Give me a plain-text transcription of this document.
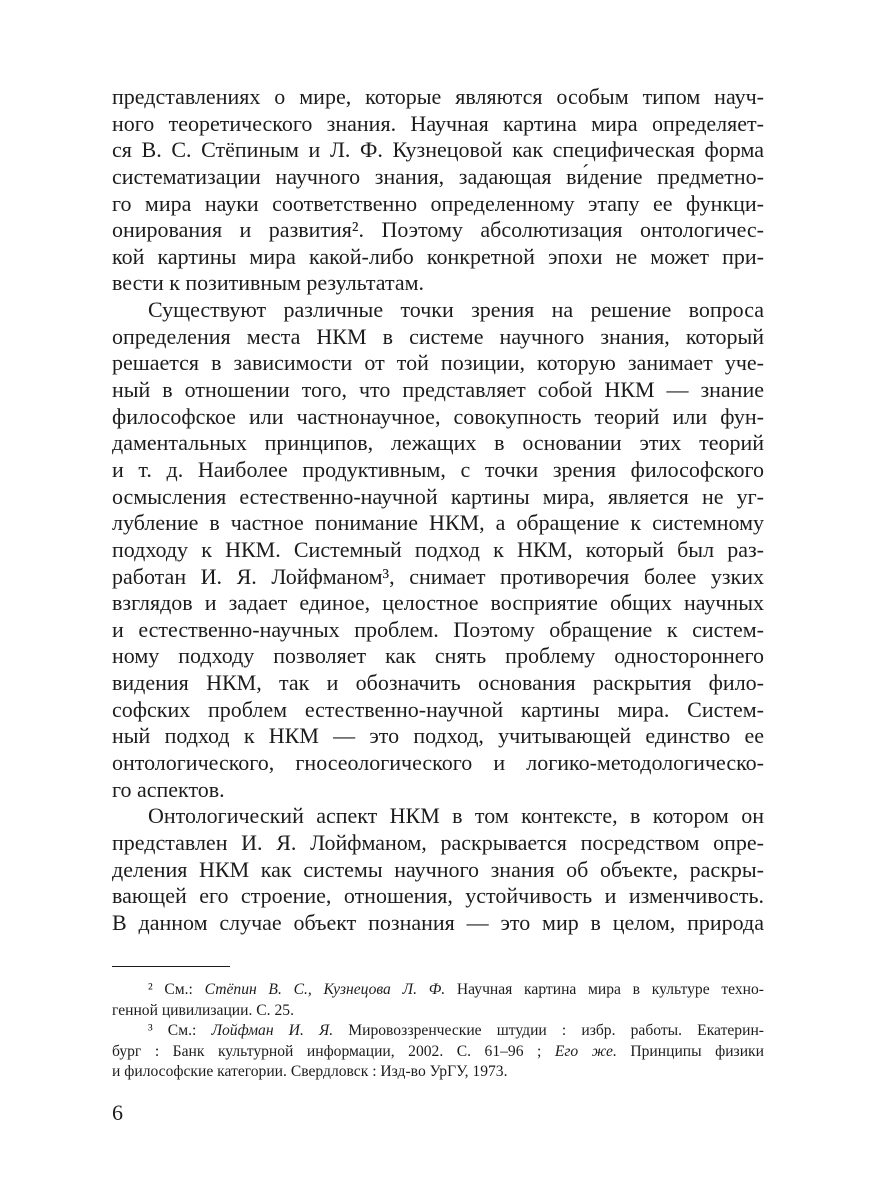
представлениях о мире, которые являются особым типом науч-
ного теоретического знания. Научная картина мира определяет-
ся В. С. Стёпиным и Л. Ф. Кузнецовой как специфическая форма
систематизации научного знания, задающая ви́дение предметно-
го мира науки соответственно определенному этапу ее функци-
онирования и развития². Поэтому абсолютизация онтологичес-
кой картины мира какой-либо конкретной эпохи не может при-
вести к позитивным результатам.
Существуют различные точки зрения на решение вопроса
определения места НКМ в системе научного знания, который
решается в зависимости от той позиции, которую занимает уче-
ный в отношении того, что представляет собой НКМ — знание
философское или частнонаучное, совокупность теорий или фун-
даментальных принципов, лежащих в основании этих теорий
и т. д. Наиболее продуктивным, с точки зрения философского
осмысления естественно-научной картины мира, является не уг-
лубление в частное понимание НКМ, а обращение к системному
подходу к НКМ. Системный подход к НКМ, который был раз-
работан И. Я. Лойфманом³, снимает противоречия более узких
взглядов и задает единое, целостное восприятие общих научных
и естественно-научных проблем. Поэтому обращение к систем-
ному подходу позволяет как снять проблему одностороннего
видения НКМ, так и обозначить основания раскрытия фило-
софских проблем естественно-научной картины мира. Систем-
ный подход к НКМ — это подход, учитывающей единство ее
онтологического, гносеологического и логико-методологическо-
го аспектов.
Онтологический аспект НКМ в том контексте, в котором он
представлен И. Я. Лойфманом, раскрывается посредством опре-
деления НКМ как системы научного знания об объекте, раскры-
вающей его строение, отношения, устойчивость и изменчивость.
В данном случае объект познания — это мир в целом, природа
² См.: Стёпин В. С., Кузнецова Л. Ф. Научная картина мира в культуре техно-
генной цивилизации. С. 25.
³ См.: Лойфман И. Я. Мировоззренческие штудии : избр. работы. Екатерин-
бург : Банк культурной информации, 2002. С. 61–96 ; Его же. Принципы физики
и философские категории. Свердловск : Изд-во УрГУ, 1973.
6
